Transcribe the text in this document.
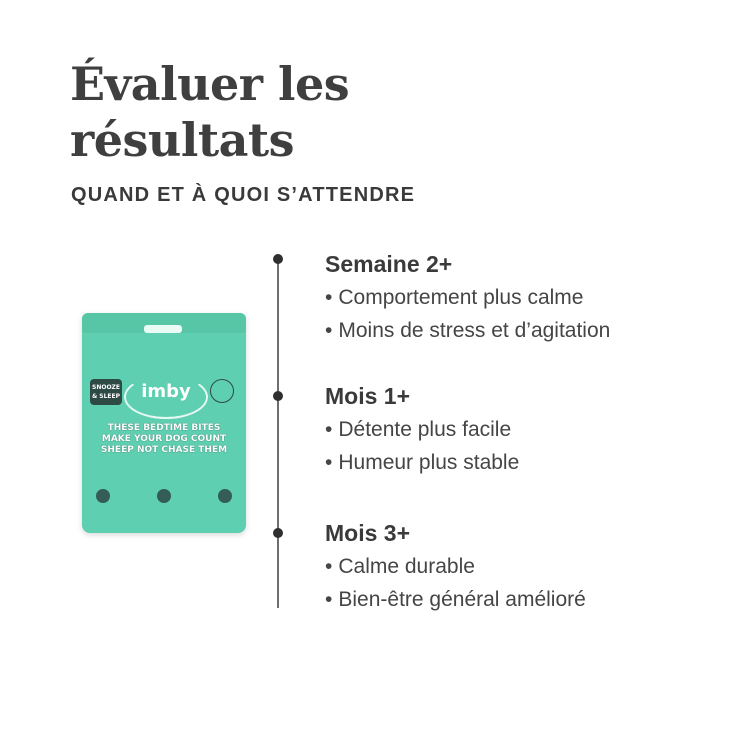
Évaluer les
résultats

QUAND ET À QUOI S’ATTENDRE

SNOOZE & SLEEP	imby
THESE BEDTIME BITES MAKE YOUR DOG COUNT SHEEP NOT CHASE THEM
Semaine 2+
• Comportement plus calme
• Moins de stress et d’agitation
Mois 1+
• Détente plus facile
• Humeur plus stable
Mois 3+
• Calme durable
• Bien-être général amélioré
